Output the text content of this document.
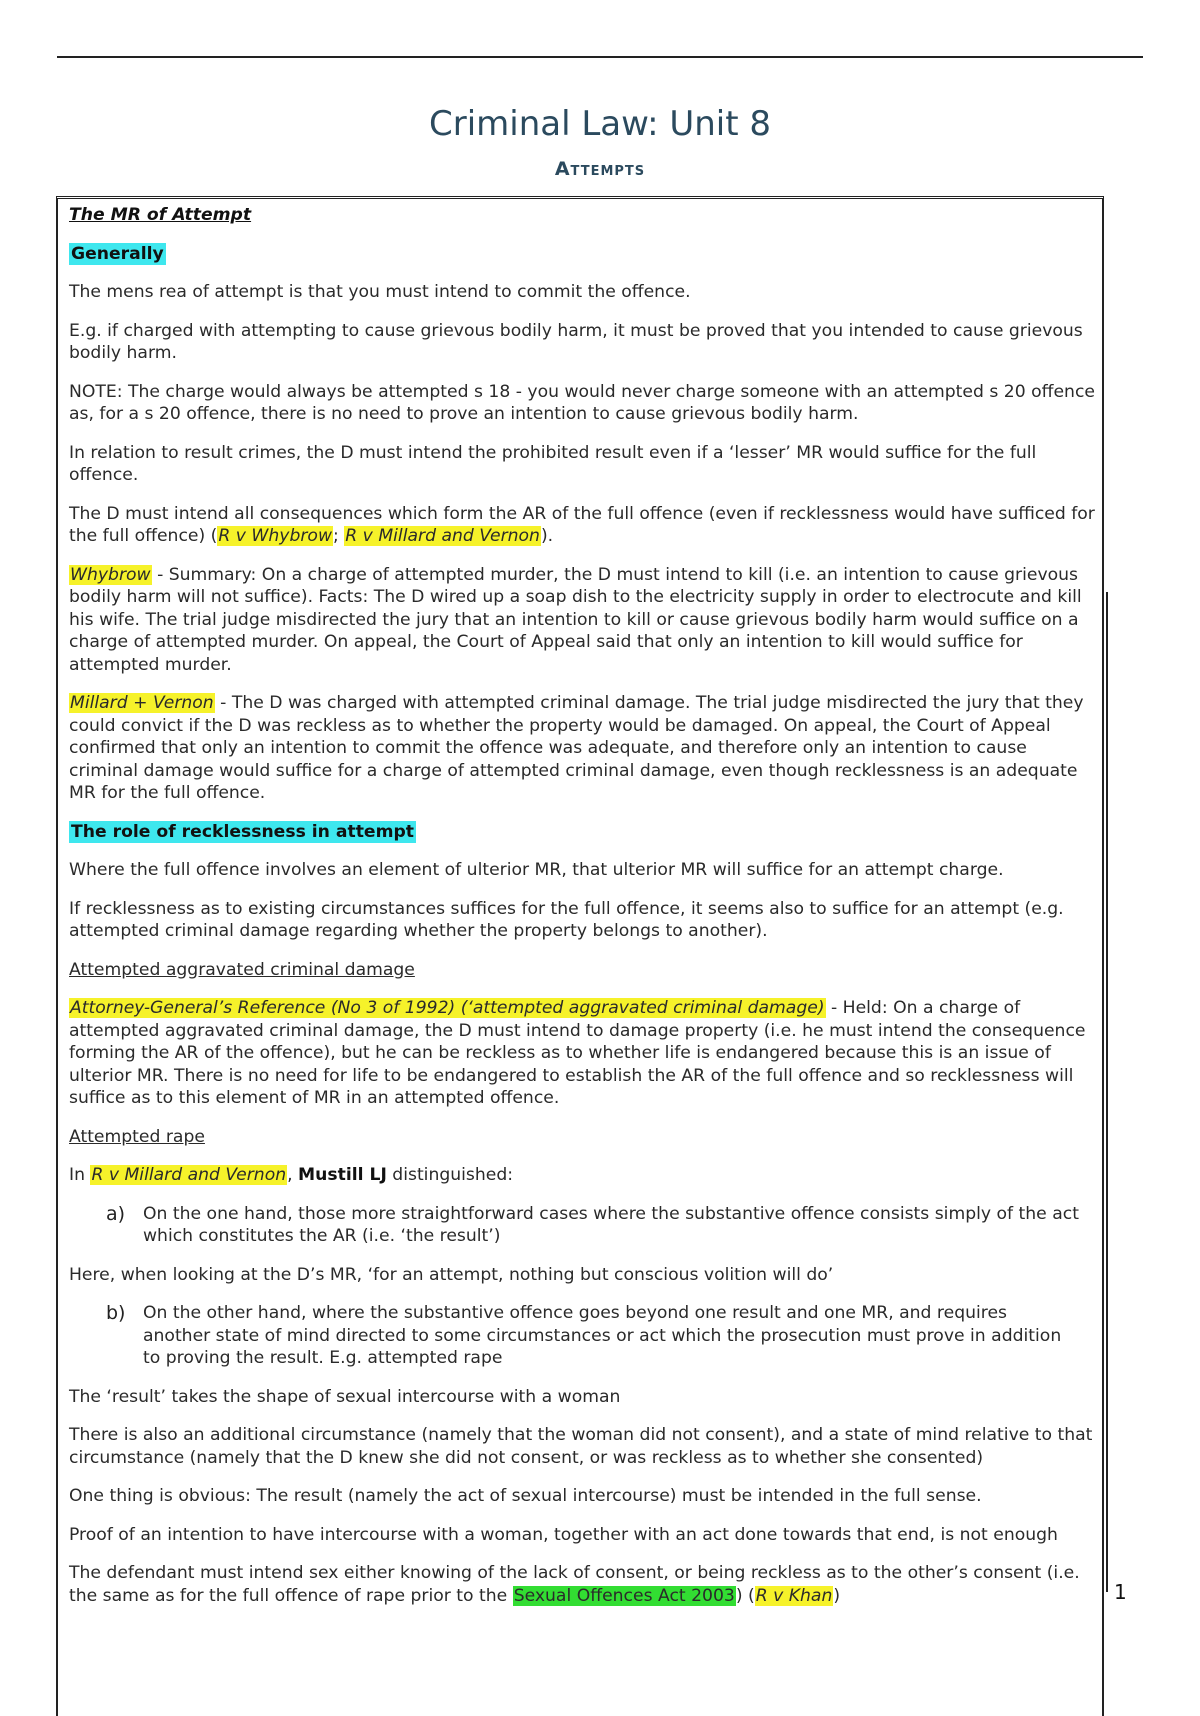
Criminal Law: Unit 8
Attempts

The MR of Attempt

Generally

The mens rea of attempt is that you must intend to commit the offence.

E.g. if charged with attempting to cause grievous bodily harm, it must be proved that you intended to cause grievous bodily harm.

NOTE: The charge would always be attempted s 18 - you would never charge someone with an attempted s 20 offence as, for a s 20 offence, there is no need to prove an intention to cause grievous bodily harm.

In relation to result crimes, the D must intend the prohibited result even if a ‘lesser’ MR would suffice for the full offence.

The D must intend all consequences which form the AR of the full offence (even if recklessness would have sufficed for the full offence) (R v Whybrow; R v Millard and Vernon).

Whybrow - Summary: On a charge of attempted murder, the D must intend to kill (i.e. an intention to cause grievous bodily harm will not suffice). Facts: The D wired up a soap dish to the electricity supply in order to electrocute and kill his wife. The trial judge misdirected the jury that an intention to kill or cause grievous bodily harm would suffice on a charge of attempted murder. On appeal, the Court of Appeal said that only an intention to kill would suffice for attempted murder.

Millard + Vernon - The D was charged with attempted criminal damage. The trial judge misdirected the jury that they could convict if the D was reckless as to whether the property would be damaged. On appeal, the Court of Appeal confirmed that only an intention to commit the offence was adequate, and therefore only an intention to cause criminal damage would suffice for a charge of attempted criminal damage, even though recklessness is an adequate MR for the full offence.

The role of recklessness in attempt

Where the full offence involves an element of ulterior MR, that ulterior MR will suffice for an attempt charge.

If recklessness as to existing circumstances suffices for the full offence, it seems also to suffice for an attempt (e.g. attempted criminal damage regarding whether the property belongs to another).

Attempted aggravated criminal damage

Attorney-General’s Reference (No 3 of 1992) (‘attempted aggravated criminal damage) - Held: On a charge of attempted aggravated criminal damage, the D must intend to damage property (i.e. he must intend the consequence forming the AR of the offence), but he can be reckless as to whether life is endangered because this is an issue of ulterior MR. There is no need for life to be endangered to establish the AR of the full offence and so recklessness will suffice as to this element of MR in an attempted offence.

Attempted rape

In R v Millard and Vernon, Mustill LJ distinguished:

a)	On the one hand, those more straightforward cases where the substantive offence consists simply of the act which constitutes the AR (i.e. ‘the result’)

Here, when looking at the D’s MR, ‘for an attempt, nothing but conscious volition will do’

b)	On the other hand, where the substantive offence goes beyond one result and one MR, and requires another state of mind directed to some circumstances or act which the prosecution must prove in addition to proving the result. E.g. attempted rape

The ‘result’ takes the shape of sexual intercourse with a woman

There is also an additional circumstance (namely that the woman did not consent), and a state of mind relative to that circumstance (namely that the D knew she did not consent, or was reckless as to whether she consented)

One thing is obvious: The result (namely the act of sexual intercourse) must be intended in the full sense.

Proof of an intention to have intercourse with a woman, together with an act done towards that end, is not enough

The defendant must intend sex either knowing of the lack of consent, or being reckless as to the other’s consent (i.e. the same as for the full offence of rape prior to the Sexual Offences Act 2003) (R v Khan)	1
